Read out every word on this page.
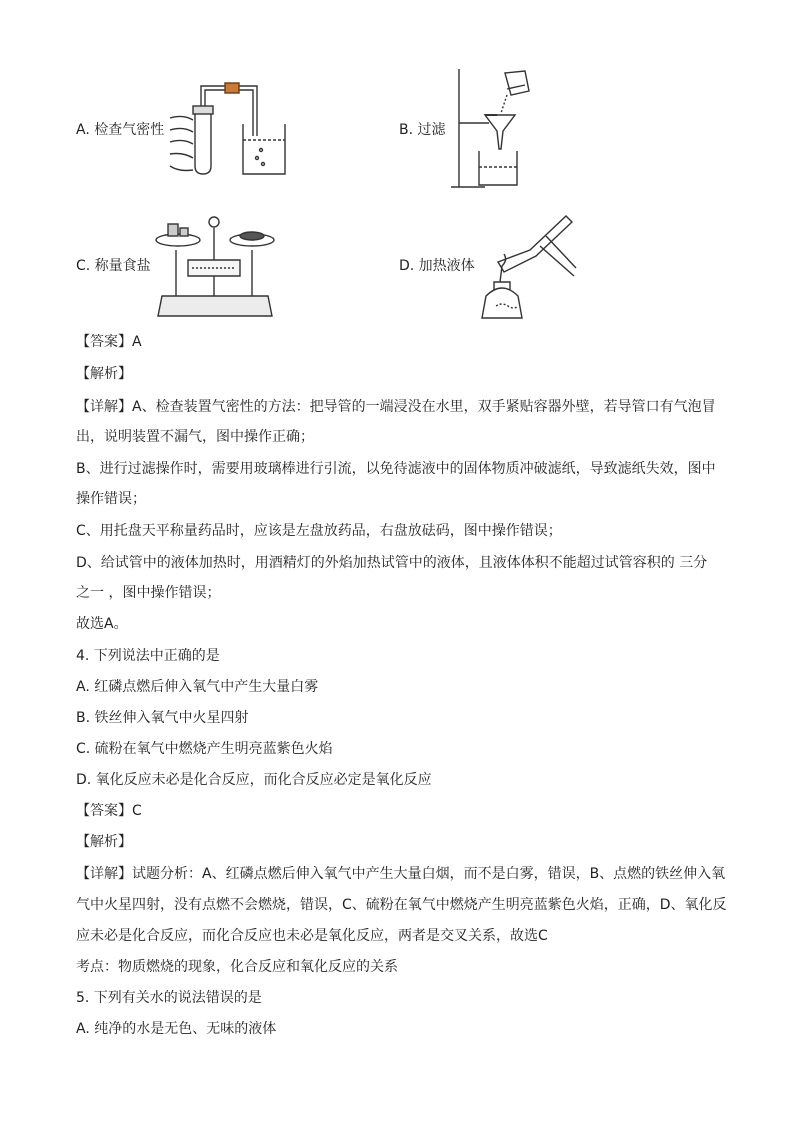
A. 检查气密性	B. 过滤
C. 称量食盐	D. 加热液体
【答案】A
【解析】
【详解】A、检查装置气密性的方法：把导管的一端浸没在水里，双手紧贴容器外壁，若导管口有气泡冒
出，说明装置不漏气，图中操作正确；
B、进行过滤操作时，需要用玻璃棒进行引流，以免待滤液中的固体物质冲破滤纸，导致滤纸失效，图中
操作错误；
C、用托盘天平称量药品时，应该是左盘放药品，右盘放砝码，图中操作错误；
D、给试管中的液体加热时，用酒精灯的外焰加热试管中的液体，且液体体积不能超过试管容积的 三分
之一 ，图中操作错误；
故选A。
4. 下列说法中正确的是
A. 红磷点燃后伸入氧气中产生大量白雾
B. 铁丝伸入氧气中火星四射
C. 硫粉在氧气中燃烧产生明亮蓝紫色火焰
D. 氧化反应未必是化合反应，而化合反应必定是氧化反应
【答案】C
【解析】
【详解】试题分析：A、红磷点燃后伸入氧气中产生大量白烟，而不是白雾，错误，B、点燃的铁丝伸入氧
气中火星四射，没有点燃不会燃烧，错误，C、硫粉在氧气中燃烧产生明亮蓝紫色火焰，正确，D、氧化反
应未必是化合反应，而化合反应也未必是氧化反应，两者是交叉关系，故选C
考点：物质燃烧的现象，化合反应和氧化反应的关系
5. 下列有关水的说法错误的是
A. 纯净的水是无色、无味的液体
